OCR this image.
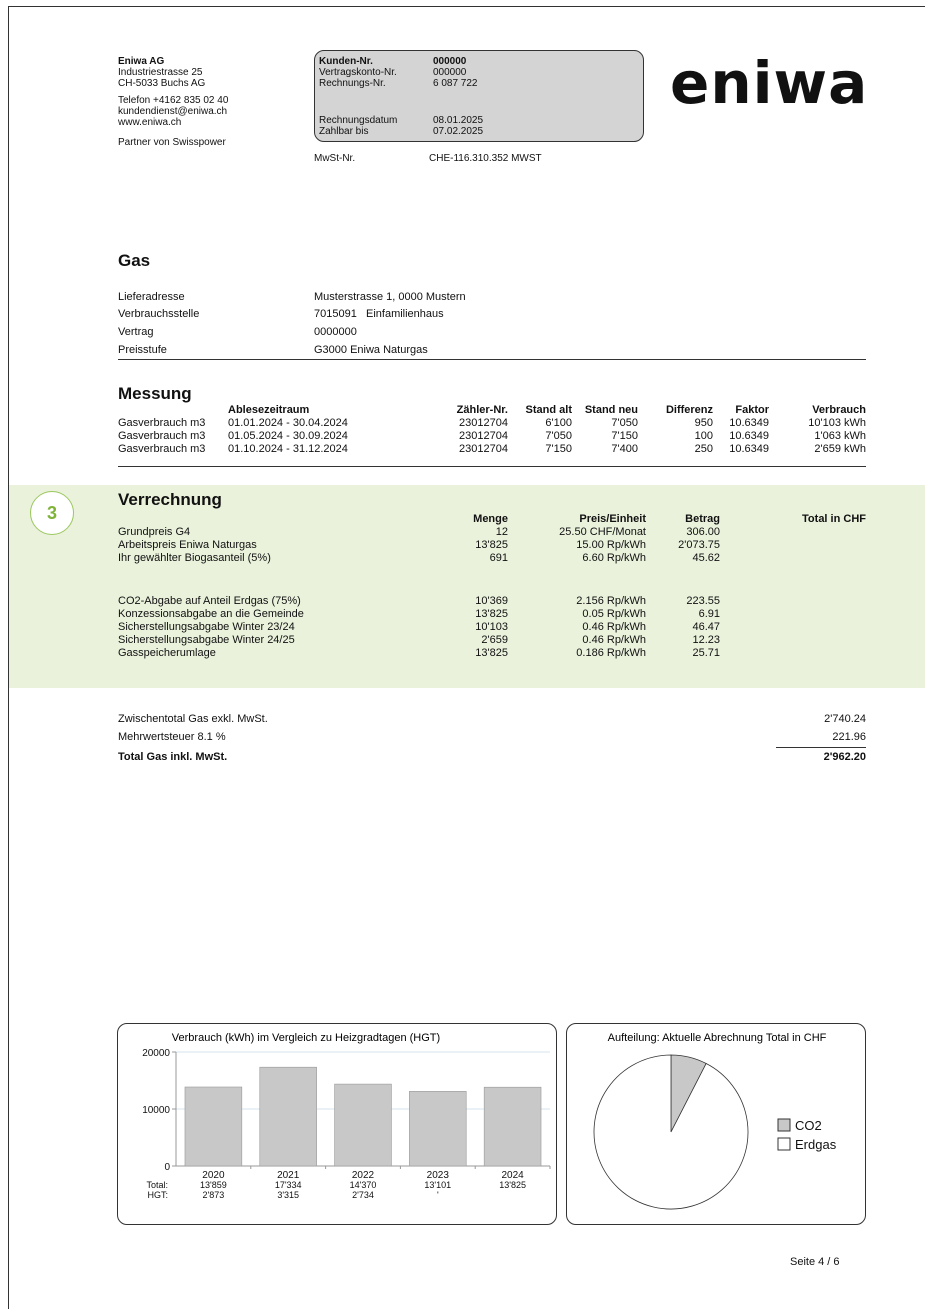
Eniwa AG
Industriestrasse 25
CH-5033 Buchs AG
Telefon +4162 835 02 40
kundendienst@eniwa.ch
www.eniwa.ch
Partner von Swisspower
Kunden-Nr.	000000
Vertragskonto-Nr.	000000
Rechnungs-Nr.	6 087 722
Rechnungsdatum	08.01.2025
Zahlbar bis	07.02.2025
MwSt-Nr.	CHE-116.310.352 MWST
eniwa
Gas
Lieferadresse	Musterstrasse 1, 0000 Mustern
Verbrauchsstelle	7015091   Einfamilienhaus
Vertrag	0000000
Preisstufe	G3000 Eniwa Naturgas
Messung
	Ablesezeitraum	Zähler-Nr.	Stand alt	Stand neu	Differenz	Faktor	Verbrauch
Gasverbrauch m3	01.01.2024 - 30.04.2024	23012704	6'100	7'050	950	10.6349	10'103 kWh
Gasverbrauch m3	01.05.2024 - 30.09.2024	23012704	7'050	7'150	100	10.6349	1'063 kWh
Gasverbrauch m3	01.10.2024 - 31.12.2024	23012704	7'150	7'400	250	10.6349	2'659 kWh
3
Verrechnung
	Menge	Preis/Einheit	Betrag	Total in CHF
Grundpreis G4	12	25.50 CHF/Monat	306.00	
Arbeitspreis Eniwa Naturgas	13'825	15.00 Rp/kWh	2'073.75	
Ihr gewählter Biogasanteil (5%)	691	6.60 Rp/kWh	45.62	

CO2-Abgabe auf Anteil Erdgas (75%)	10'369	2.156 Rp/kWh	223.55	
Konzessionsabgabe an die Gemeinde	13'825	0.05 Rp/kWh	6.91	
Sicherstellungsabgabe Winter 23/24	10'103	0.46 Rp/kWh	46.47	
Sicherstellungsabgabe Winter 24/25	2'659	0.46 Rp/kWh	12.23	
Gasspeicherumlage	13'825	0.186 Rp/kWh	25.71	
Zwischentotal Gas exkl. MwSt.	2'740.24
Mehrwertsteuer 8.1 %	221.96
Total Gas inkl. MwSt.	2'962.20
Verbrauch (kWh) im Vergleich zu Heizgradtagen (HGT)
20000
10000
0
2020
13'859
2'873
2021
17'334
3'315
2022
14'370
2'734
2023
13'101
'
2024
13'825
Total:
HGT:
Aufteilung: Aktuelle Abrechnung Total in CHF
CO2
Erdgas
Seite 4 / 6
